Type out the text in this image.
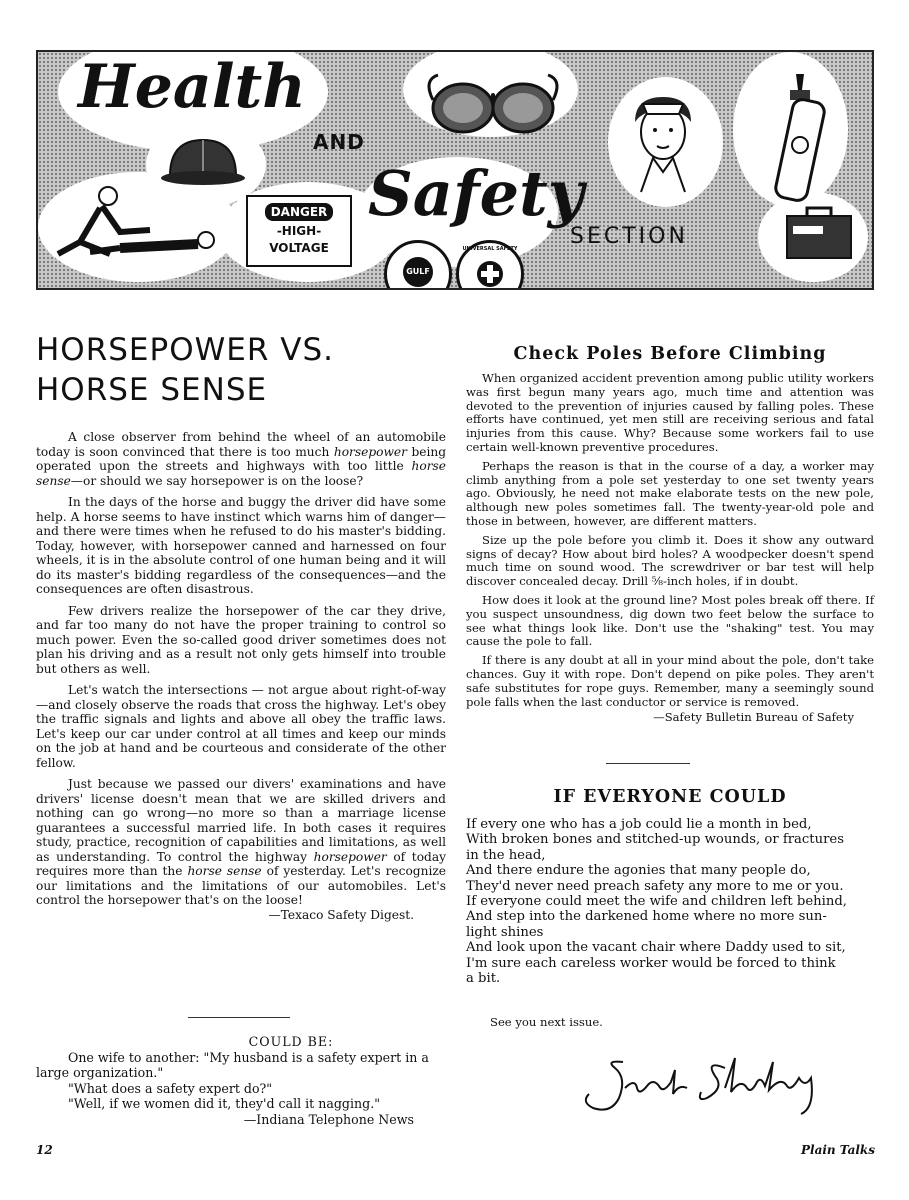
Health
AND
Safety
SECTION
DANGER
-HIGH-
VOLTAGE
GULF
UNIVERSAL SAFETY
HORSEPOWER VS.
HORSE SENSE

A close observer from behind the wheel of an automobile today is soon convinced that there is too much horsepower being operated upon the streets and highways with too little horse sense—or should we say horsepower is on the loose?

In the days of the horse and buggy the driver did have some help. A horse seems to have instinct which warns him of danger—and there were times when he refused to do his master's bidding. Today, however, with horsepower canned and harnessed on four wheels, it is in the absolute control of one human being and it will do its master's bidding regardless of the consequences—and the consequences are often disastrous.

Few drivers realize the horsepower of the car they drive, and far too many do not have the proper training to control so much power. Even the so-called good driver sometimes does not plan his driving and as a result not only gets himself into trouble but others as well.

Let's watch the intersections — not argue about right-of-way—and closely observe the roads that cross the highway. Let's obey the traffic signals and lights and above all obey the traffic laws. Let's keep our car under control at all times and keep our minds on the job at hand and be courteous and considerate of the other fellow.

Just because we passed our divers' examinations and have drivers' license doesn't mean that we are skilled drivers and nothing can go wrong—no more so than a marriage license guarantees a successful married life. In both cases it requires study, practice, recognition of capabilities and limitations, as well as understanding. To control the highway horsepower of today requires more than the horse sense of yesterday. Let's recognize our limitations and the limitations of our automobiles. Let's control the horsepower that's on the loose!

—Texaco Safety Digest.

COULD BE:
One wife to another: "My husband is a safety expert in a large organization."
"What does a safety expert do?"
"Well, if we women did it, they'd call it nagging."
—Indiana Telephone News
Check Poles Before Climbing

When organized accident prevention among public utility workers was first begun many years ago, much time and attention was devoted to the prevention of injuries caused by falling poles. These efforts have continued, yet men still are receiving serious and fatal injuries from this cause. Why? Because some workers fail to use certain well-known preventive procedures.

Perhaps the reason is that in the course of a day, a worker may climb anything from a pole set yesterday to one set twenty years ago. Obviously, he need not make elaborate tests on the new pole, although new poles sometimes fall. The twenty-year-old pole and those in between, however, are different matters.

Size up the pole before you climb it. Does it show any outward signs of decay? How about bird holes? A woodpecker doesn't spend much time on sound wood. The screwdriver or bar test will help discover concealed decay. Drill ⅝-inch holes, if in doubt.

How does it look at the ground line? Most poles break off there. If you suspect unsoundness, dig down two feet below the surface to see what things look like. Don't use the "shaking" test. You may cause the pole to fall.

If there is any doubt at all in your mind about the pole, don't take chances. Guy it with rope. Don't depend on pike poles. They aren't safe substitutes for rope guys. Remember, many a seemingly sound pole falls when the last conductor or service is removed.

—Safety Bulletin Bureau of Safety

IF EVERYONE COULD
If every one who has a job could lie a month in bed,
With broken bones and stitched-up wounds, or fractures
in the head,
And there endure the agonies that many people do,
They'd never need preach safety any more to me or you.
If everyone could meet the wife and children left behind,
And step into the darkened home where no more sun-
light shines
And look upon the vacant chair where Daddy used to sit,
I'm sure each careless worker would be forced to think
a bit.
See you next issue.
12	Plain Talks
